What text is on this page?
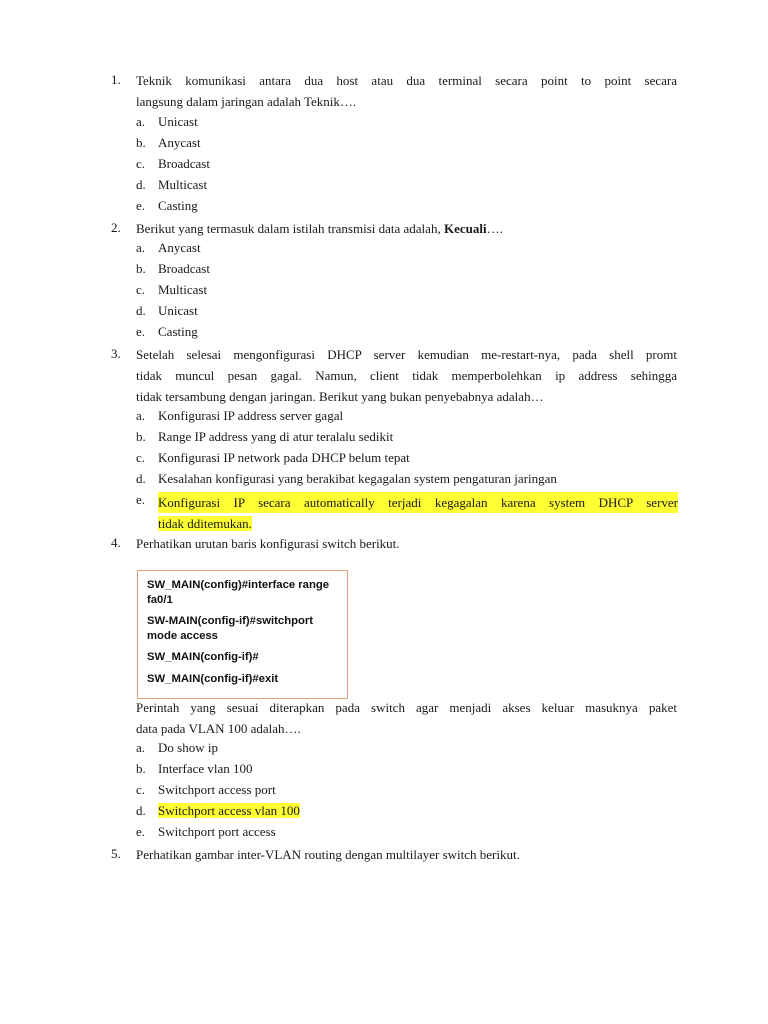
1.	Teknik komunikasi antara dua host atau dua terminal secara point to point secara
langsung dalam jaringan adalah Teknik….
a. Unicast
b. Anycast
c. Broadcast
d. Multicast
e. Casting
2.	Berikut yang termasuk dalam istilah transmisi data adalah, Kecuali….
a. Anycast
b. Broadcast
c. Multicast
d. Unicast
e. Casting
3.	Setelah selesai mengonfigurasi DHCP server kemudian me-restart-nya, pada shell promt
tidak muncul pesan gagal. Namun, client tidak memperbolehkan ip address sehingga
tidak tersambung dengan jaringan. Berikut yang bukan penyebabnya adalah…
a. Konfigurasi IP address server gagal
b. Range IP address yang di atur teralalu sedikit
c. Konfigurasi IP network pada DHCP belum tepat
d. Kesalahan konfigurasi yang berakibat kegagalan system pengaturan jaringan
e. Konfigurasi IP secara automatically terjadi kegagalan karena system DHCP server
tidak dditemukan.
4.	Perhatikan urutan baris konfigurasi switch berikut.
SW_MAIN(config)#interface range fa0/1
SW-MAIN(config-if)#switchport mode access
SW_MAIN(config-if)#
SW_MAIN(config-if)#exit
Perintah yang sesuai diterapkan pada switch agar menjadi akses keluar masuknya paket
data pada VLAN 100 adalah….
a. Do show ip
b. Interface vlan 100
c. Switchport access port
d. Switchport access vlan 100
e. Switchport port access
5.	Perhatikan gambar inter-VLAN routing dengan multilayer switch berikut.
